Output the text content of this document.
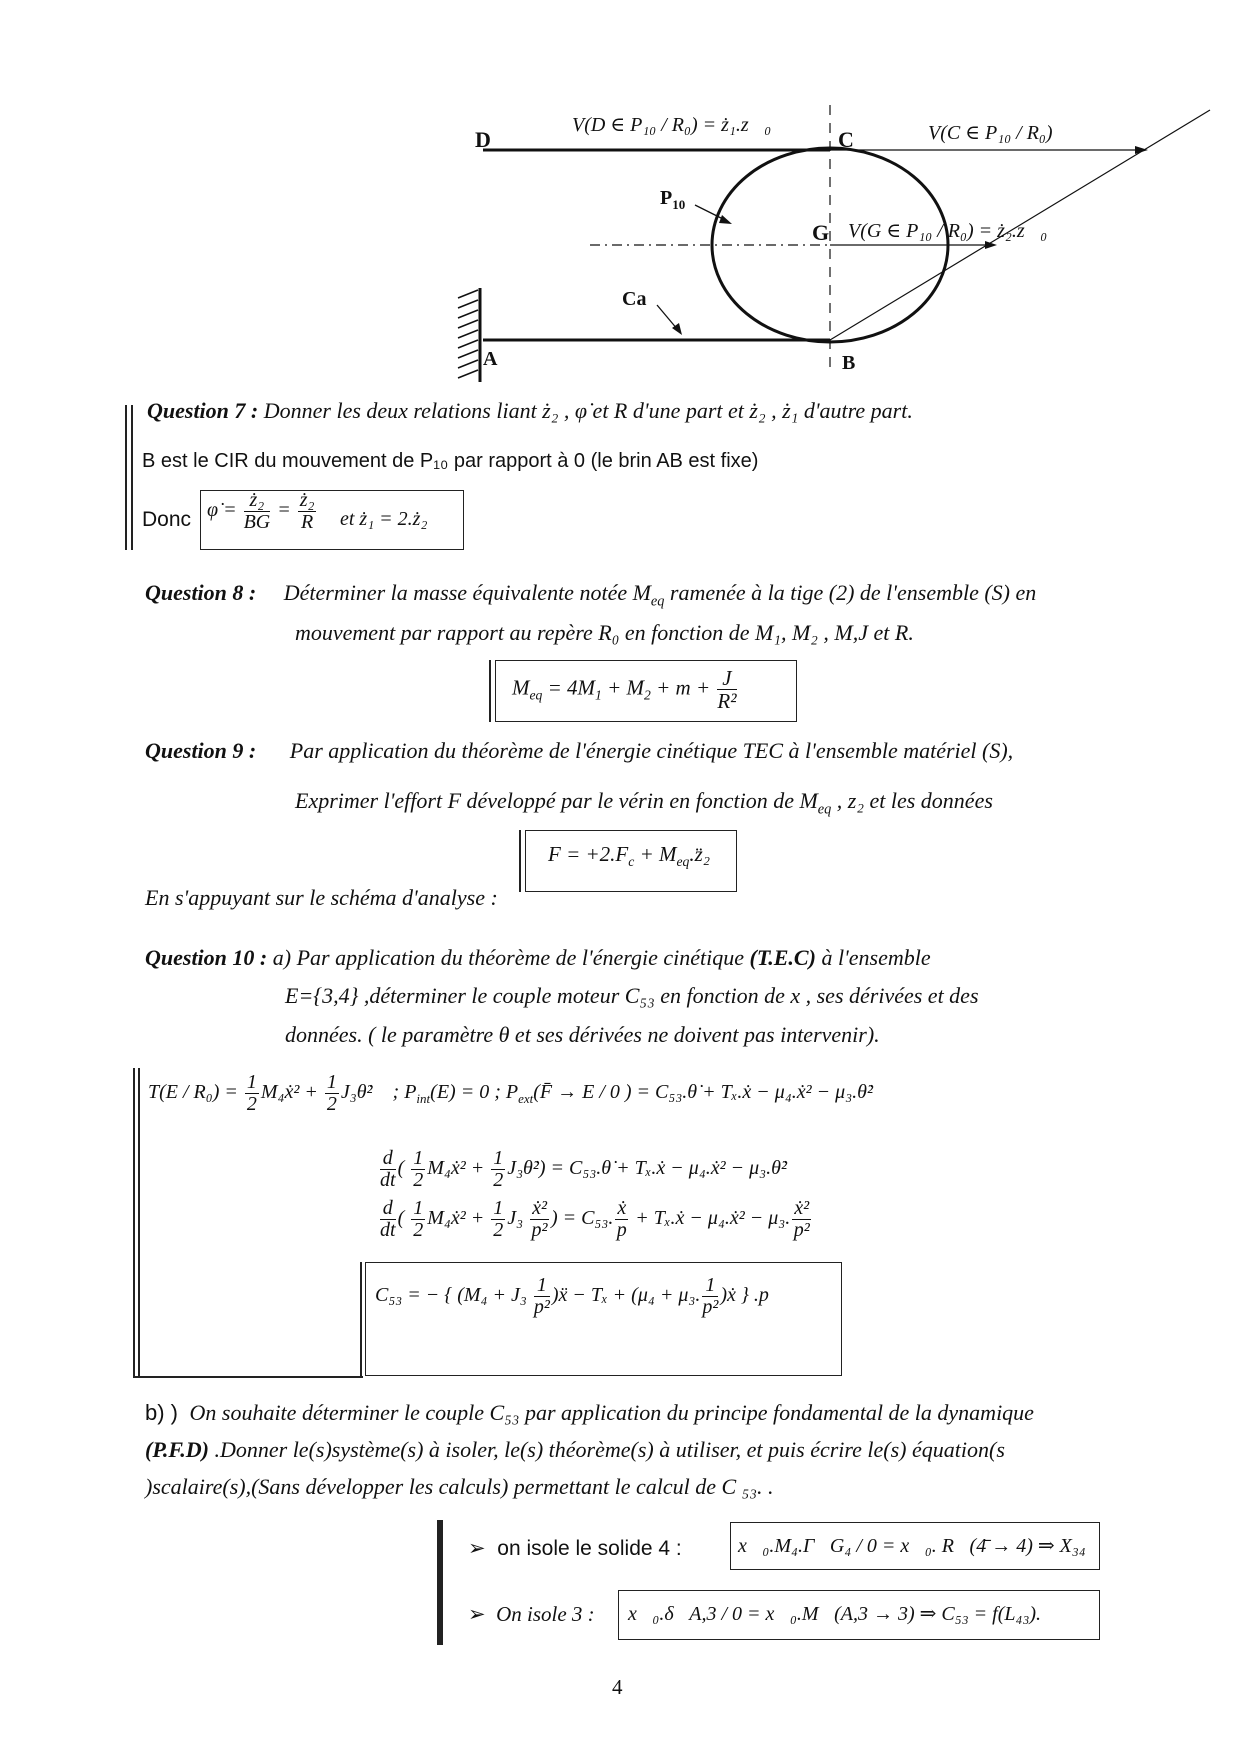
D	C
G
A	B
$P_{10}$
Ca
V(D ∈ P₁₀ / R₀) = ż₁.z⃗₀	V(C ∈ P₁₀ / R₀)
V(G ∈ P₁₀ / R₀) = ż₂.z⃗₀
Question 7 : Donner les deux relations liant ż₂ , φ̇ et R d'une part et ż₂ , ż₁ d'autre part.
B est le CIR du mouvement de P₁₀ par rapport à 0 (le brin AB est fixe)
Donc φ̇ = $\frac{\text{ż₂}}{BG} = \frac{\text{ż₂}}{R}$ et ż₁ = 2.ż₂
Question 8 : Déterminer la masse équivalente notée $M_{eq}$ ramenée à la tige (2) de l'ensemble (S) en
mouvement par rapport au repère R₀ en fonction de M₁, M₂ , M,J et R.
$M_{eq} = 4M_1 + M_2 + m + \frac{J}{\text{R²}}$
Question 9 : Par application du théorème de l'énergie cinétique TEC à l'ensemble matériel (S),
Exprimer l'effort F développé par le vérin en fonction de $M_{eq}$ , z₂ et les données
$F = +2.F_c$ + $M_{eq}.z̈_2$
En s'appuyant sur le schéma d'analyse :
Question 10 : a) Par application du théorème de l'énergie cinétique (T.E.C) à l'ensemble
E={3,4} ,déterminer le couple moteur C₅₃ en fonction de x , ses dérivées et des
données. ( le paramètre θ et ses dérivées ne doivent pas intervenir).
$T(E / R_0) = \frac{1}{2}$ M₄ẋ² + $\frac{1}{2}$ J₃θ̇²    ; $P_{int}(E) = 0$ ; $P_{ext}(F̄ \to E / 0$ ) = C₅₃.θ̇ + Tₓ.ẋ − μ₄.ẋ² − μ₃.θ̇²
$\frac{d}{dt}$ ( $\frac{1}{2}$ M₄ẋ² + $\frac{1}{2}$ J₃θ̇²) = C₅₃.θ̇ + Tₓ.ẋ − μ₄.ẋ² − μ₃.θ̇²
$\frac{d}{dt}$ ( $\frac{1}{2}$ M₄ẋ² + $\frac{1}{2} J_3 \frac{\text{ẋ²}}{\text{p²}}$ ) = C₅₃. $\frac{\text{ẋ}}{p}$ + Tₓ.ẋ − μ₄.ẋ² − μ₃. $\frac{\text{ẋ²}}{\text{p²}}$
C₅₃ = − { ($M_4 + J_3 \frac{1}{\text{p²}}$ )ẍ − Tₓ + (μ₄ + μ₃. $\frac{1}{\text{p²}}$ )ẋ } .p
b) ) On souhaite déterminer le couple C₅₃ par application du principe fondamental de la dynamique
(P.F.D) .Donner le(s)système(s) à isoler, le(s) théorème(s) à utiliser, et puis écrire le(s) équation(s
)scalaire(s),(Sans développer les calculs) permettant le calcul de C ₅₃. .
➢ on isole le solide 4 :	x⃗₀.M₄.Γ⃗G₄ / 0 = x⃗₀. R⃗(4̄ → 4) ⇒ X₃₄
➢ On isole 3 : x⃗₀.δ⃗A,3 / 0 = x⃗₀.M⃗(A,3 → 3) ⇒ C₅₃ = f(L₄₃).
4
